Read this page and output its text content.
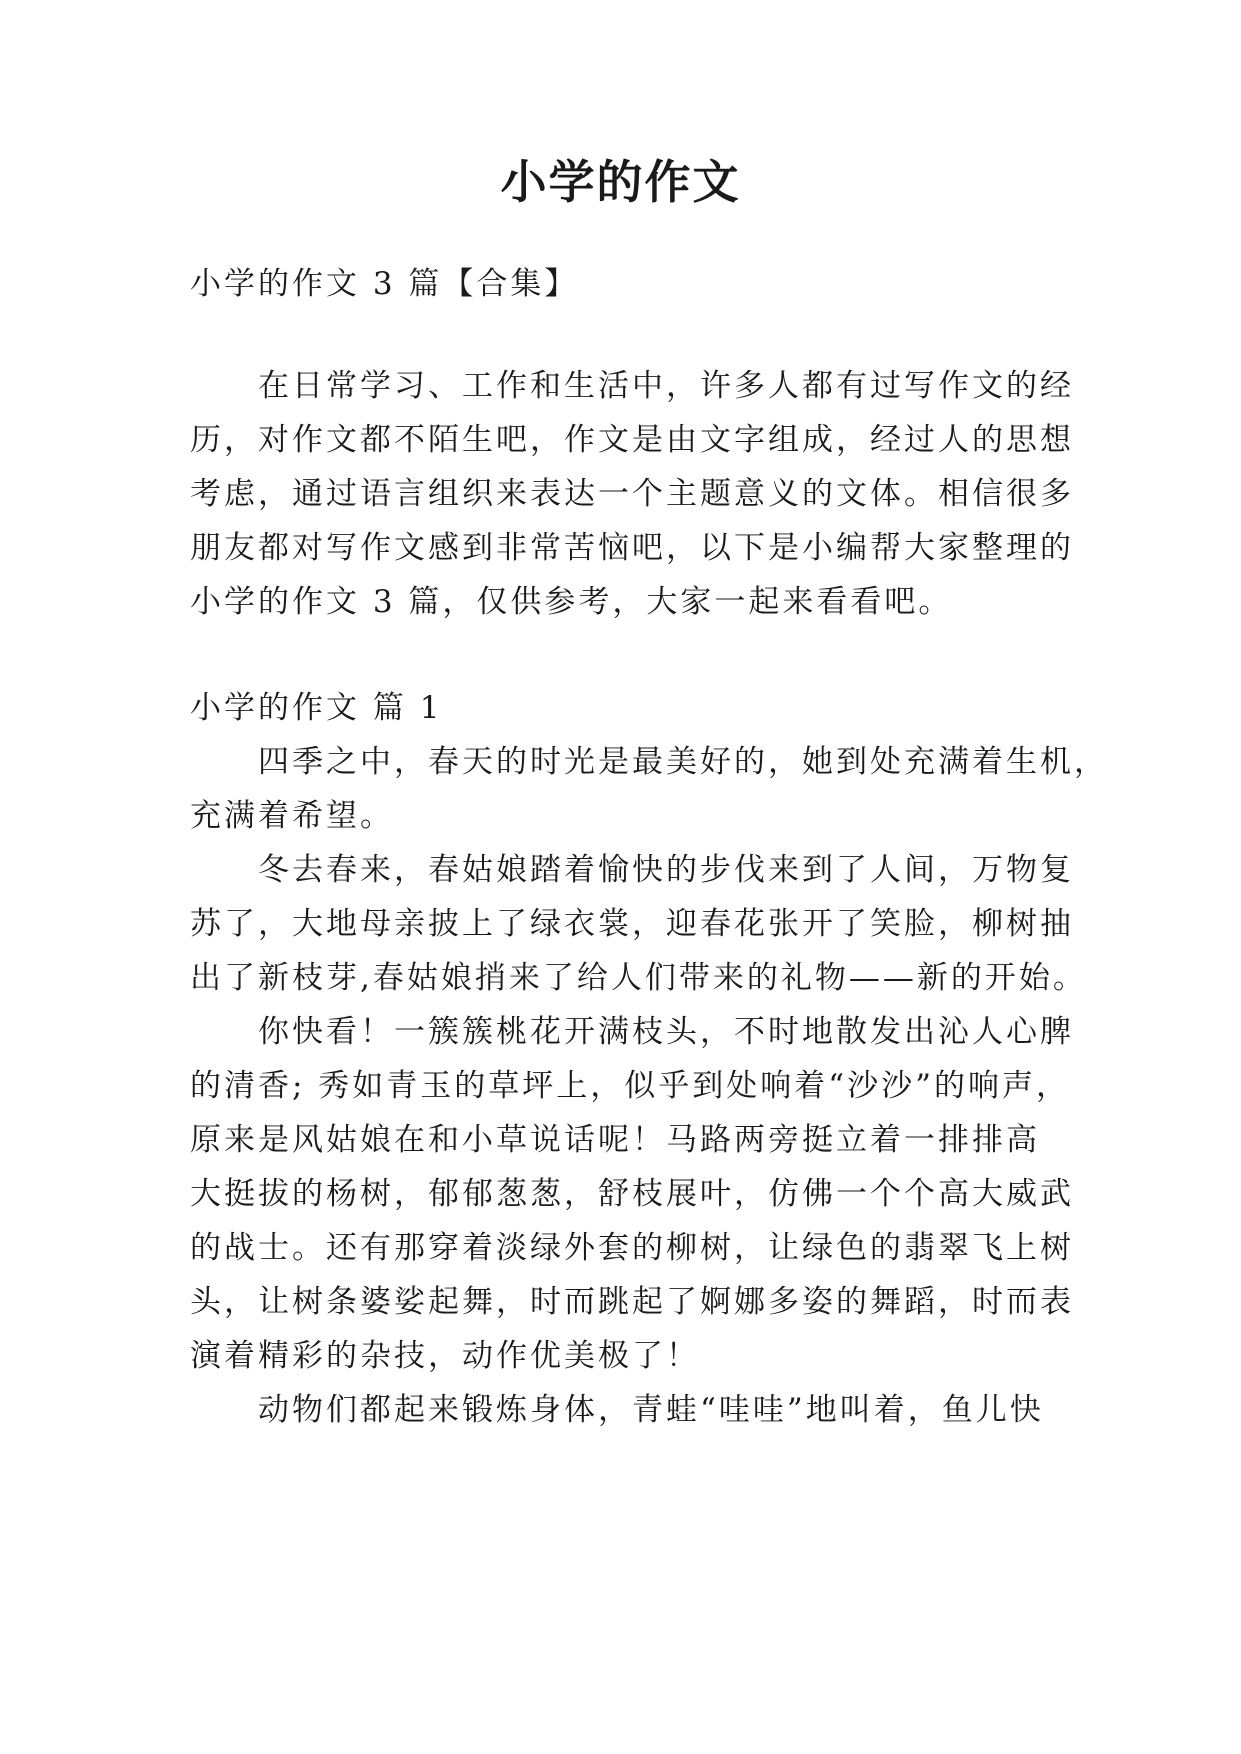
小学的作文
小学的作文 3 篇【合集】
在日常学习、工作和生活中，许多人都有过写作文的经
历，对作文都不陌生吧，作文是由文字组成，经过人的思想
考虑，通过语言组织来表达一个主题意义的文体。相信很多
朋友都对写作文感到非常苦恼吧，以下是小编帮大家整理的
小学的作文 3 篇，仅供参考，大家一起来看看吧。
小学的作文 篇 1
四季之中，春天的时光是最美好的，她到处充满着生机，
充满着希望。
冬去春来，春姑娘踏着愉快的步伐来到了人间，万物复
苏了，大地母亲披上了绿衣裳，迎春花张开了笑脸，柳树抽
出了新枝芽,春姑娘捎来了给人们带来的礼物——新的开始。
你快看！一簇簇桃花开满枝头，不时地散发出沁人心脾
的清香; 秀如青玉的草坪上，似乎到处响着“沙沙”的响声，
原来是风姑娘在和小草说话呢！马路两旁挺立着一排排高
大挺拔的杨树，郁郁葱葱，舒枝展叶，仿佛一个个高大威武
的战士。还有那穿着淡绿外套的柳树，让绿色的翡翠飞上树
头，让树条婆娑起舞，时而跳起了婀娜多姿的舞蹈，时而表
演着精彩的杂技，动作优美极了！
动物们都起来锻炼身体，青蛙“哇哇”地叫着，鱼儿快
